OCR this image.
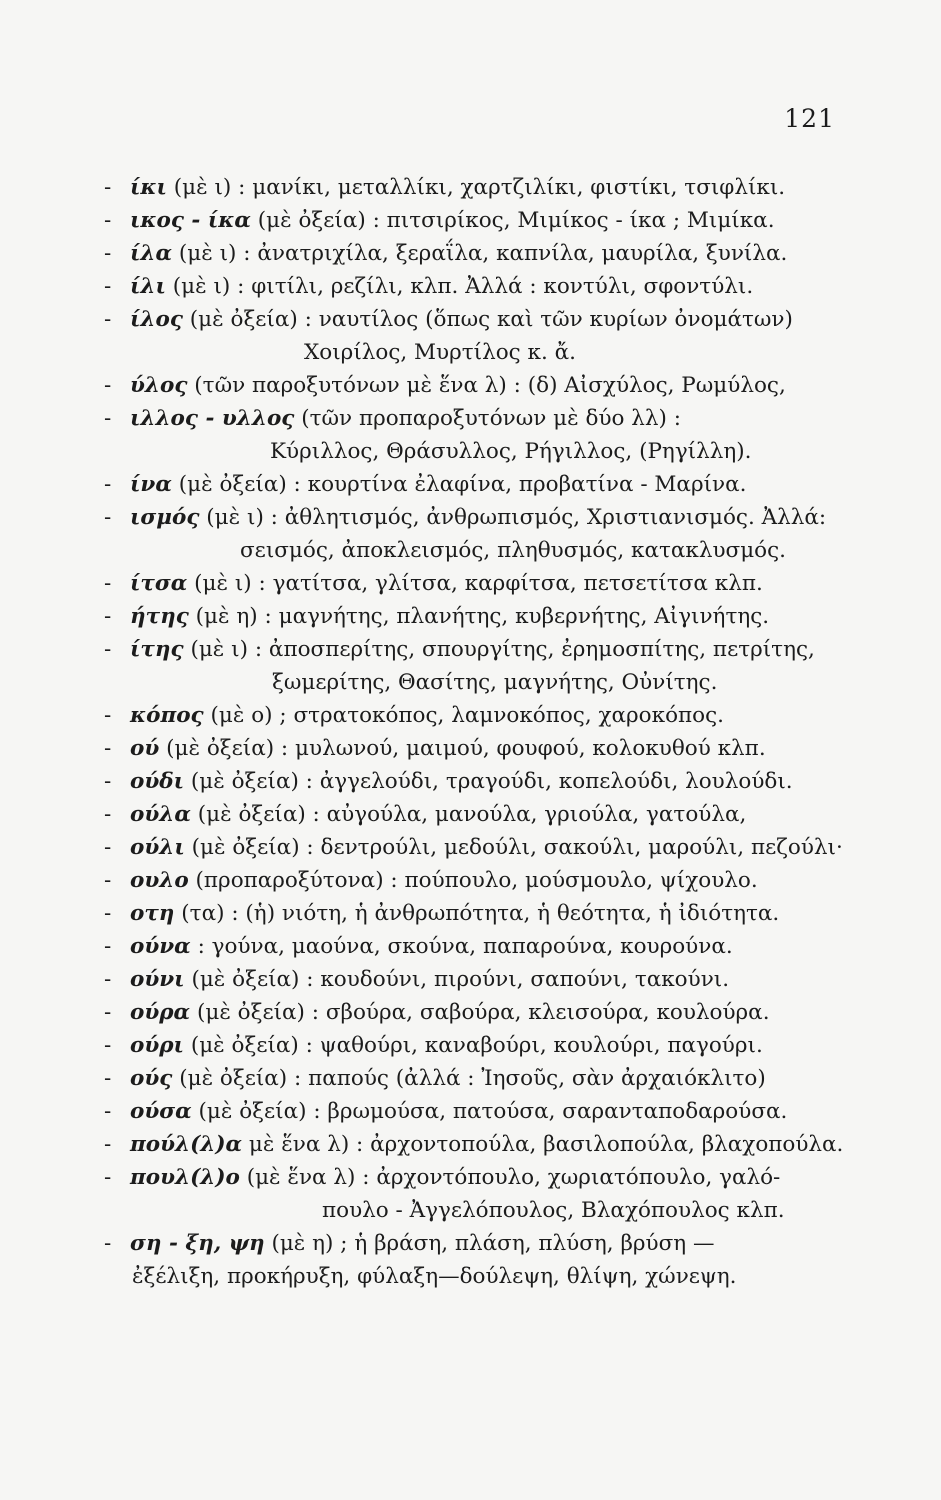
121
- ίκι (μὲ ι) : μανίκι, μεταλλίκι, χαρτζιλίκι, φιστίκι, τσιφλίκι.
- ικος - ίκα (μὲ ὀξεία) : πιτσιρίκος, Μιμίκος - ίκα ; Μιμίκα.
- ίλα (μὲ ι) : ἀνατριχίλα, ξεραΐλα, καπνίλα, μαυρίλα, ξυνίλα.
- ίλι (μὲ ι) : φιτίλι, ρεζίλι, κλπ. Ἀλλά : κοντύλι, σφοντύλι.
- ίλος (μὲ ὀξεία) : ναυτίλος (ὅπως καὶ τῶν κυρίων ὀνομάτων)
Χοιρίλος, Μυρτίλος κ. ἄ.
- ύλος (τῶν παροξυτόνων μὲ ἕνα λ) : (δ) Αἰσχύλος, Ρωμύλος,
- ιλλος - υλλος (τῶν προπαροξυτόνων μὲ δύο λλ) :
Κύριλλος, Θράσυλλος, Ρήγιλλος, (Ρηγίλλη).
- ίνα (μὲ ὀξεία) : κουρτίνα ἐλαφίνα, προβατίνα - Μαρίνα.
- ισμός (μὲ ι) : ἀθλητισμός, ἀνθρωπισμός, Χριστιανισμός. Ἀλλά:
σεισμός, ἀποκλεισμός, πληθυσμός, κατακλυσμός.
- ίτσα (μὲ ι) : γατίτσα, γλίτσα, καρφίτσα, πετσετίτσα κλπ.
- ήτης (μὲ η) : μαγνήτης, πλανήτης, κυβερνήτης, Αἰγινήτης.
- ίτης (μὲ ι) : ἀποσπερίτης, σπουργίτης, ἐρημοσπίτης, πετρίτης,
ξωμερίτης, Θασίτης, μαγνήτης, Οὐνίτης.
- κόπος (μὲ ο) ; στρατοκόπος, λαμνοκόπος, χαροκόπος.
- ού (μὲ ὀξεία) : μυλωνού, μαιμού, φουφού, κολοκυθού κλπ.
- ούδι (μὲ ὀξεία) : ἀγγελούδι, τραγούδι, κοπελούδι, λουλούδι.
- ούλα (μὲ ὀξεία) : αὐγούλα, μανούλα, γριούλα, γατούλα,
- ούλι (μὲ ὀξεία) : δεντρούλι, μεδούλι, σακούλι, μαρούλι, πεζούλι·
- ουλο (προπαροξύτονα) : πούπουλο, μούσμουλο, ψίχουλο.
- οτη (τα) : (ἡ) νιότη, ἡ ἀνθρωπότητα, ἡ θεότητα, ἡ ἰδιότητα.
- ούνα : γούνα, μαούνα, σκούνα, παπαρούνα, κουρούνα.
- ούνι (μὲ ὀξεία) : κουδούνι, πιρούνι, σαπούνι, τακούνι.
- ούρα (μὲ ὀξεία) : σβούρα, σαβούρα, κλεισούρα, κουλούρα.
- ούρι (μὲ ὀξεία) : ψαθούρι, καναβούρι, κουλούρι, παγούρι.
- ούς (μὲ ὀξεία) : παπούς (ἀλλά : Ἰησοῦς, σὰν ἀρχαιόκλιτο)
- ούσα (μὲ ὀξεία) : βρωμούσα, πατούσα, σαρανταποδαρούσα.
- πούλ(λ)α μὲ ἕνα λ) : ἀρχοντοπούλα, βασιλοπούλα, βλαχοπούλα.
- πουλ(λ)ο (μὲ ἕνα λ) : ἀρχοντόπουλο, χωριατόπουλο, γαλό-
πουλο - Ἀγγελόπουλος, Βλαχόπουλος κλπ.
- ση - ξη, ψη (μὲ η) ; ἡ βράση, πλάση, πλύση, βρύση —
ἐξέλιξη, προκήρυξη, φύλαξη—δούλεψη, θλίψη, χώνεψη.
